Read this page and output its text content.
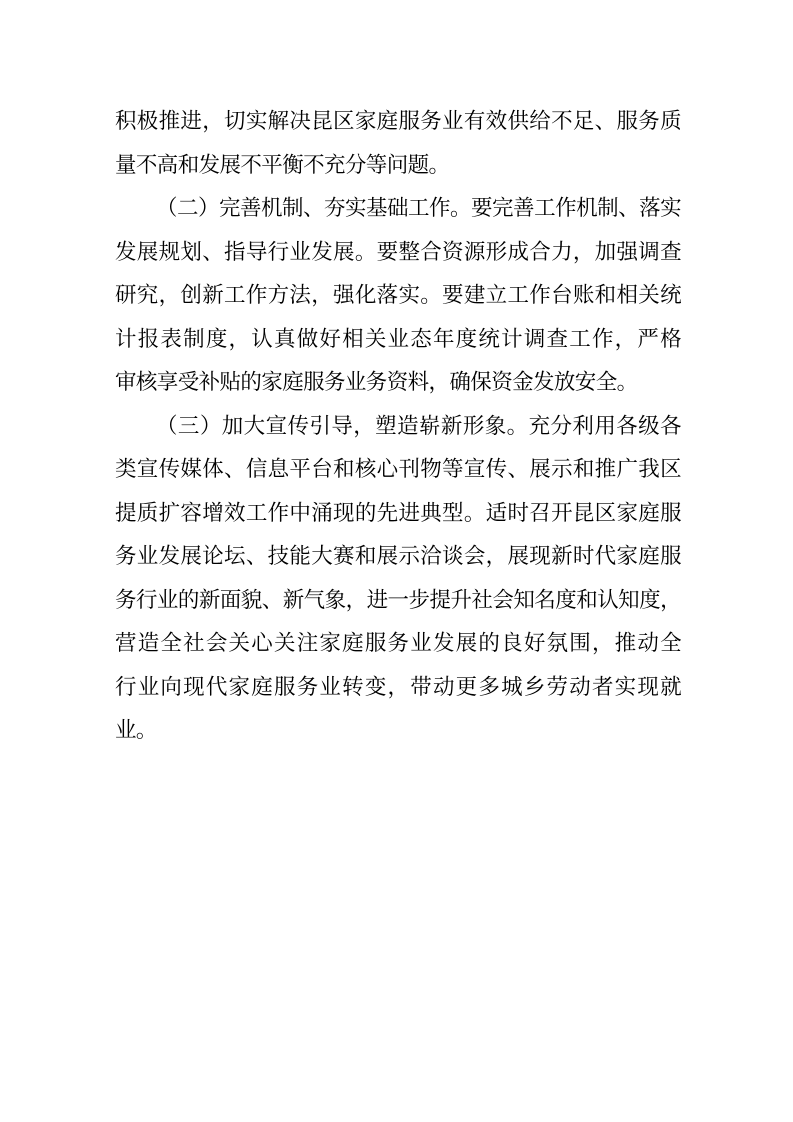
积极推进，切实解决昆区家庭服务业有效供给不足、服务质
量不高和发展不平衡不充分等问题。
（二）完善机制、夯实基础工作。要完善工作机制、落实
发展规划、指导行业发展。要整合资源形成合力，加强调查
研究，创新工作方法，强化落实。要建立工作台账和相关统
计报表制度，认真做好相关业态年度统计调查工作，严格
审核享受补贴的家庭服务业务资料，确保资金发放安全。
（三）加大宣传引导，塑造崭新形象。充分利用各级各
类宣传媒体、信息平台和核心刊物等宣传、展示和推广我区
提质扩容增效工作中涌现的先进典型。适时召开昆区家庭服
务业发展论坛、技能大赛和展示洽谈会，展现新时代家庭服
务行业的新面貌、新气象，进一步提升社会知名度和认知度，
营造全社会关心关注家庭服务业发展的良好氛围，推动全
行业向现代家庭服务业转变，带动更多城乡劳动者实现就
业。
